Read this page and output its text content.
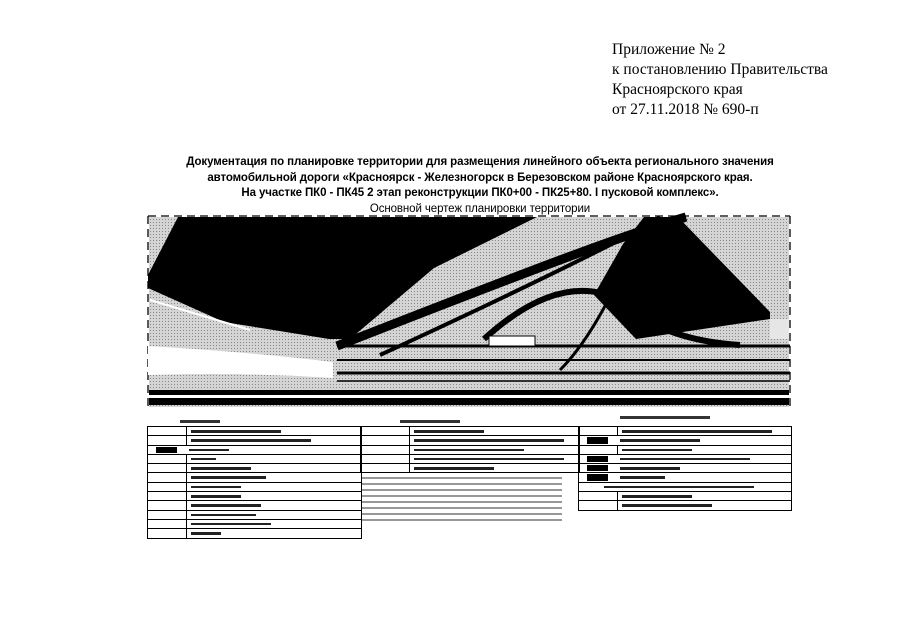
Приложение № 2
к постановлению Правительства
Красноярского края
от 27.11.2018 № 690-п
Документация по планировке территории для размещения линейного объекта регионального значения
автомобильной дороги «Красноярск - Железногорск в Березовском районе Красноярского края.
На участке ПК0 - ПК45 2 этап реконструкции ПК0+00 - ПК25+80. I пусковой комплекс».
Основной чертеж планировки территории
